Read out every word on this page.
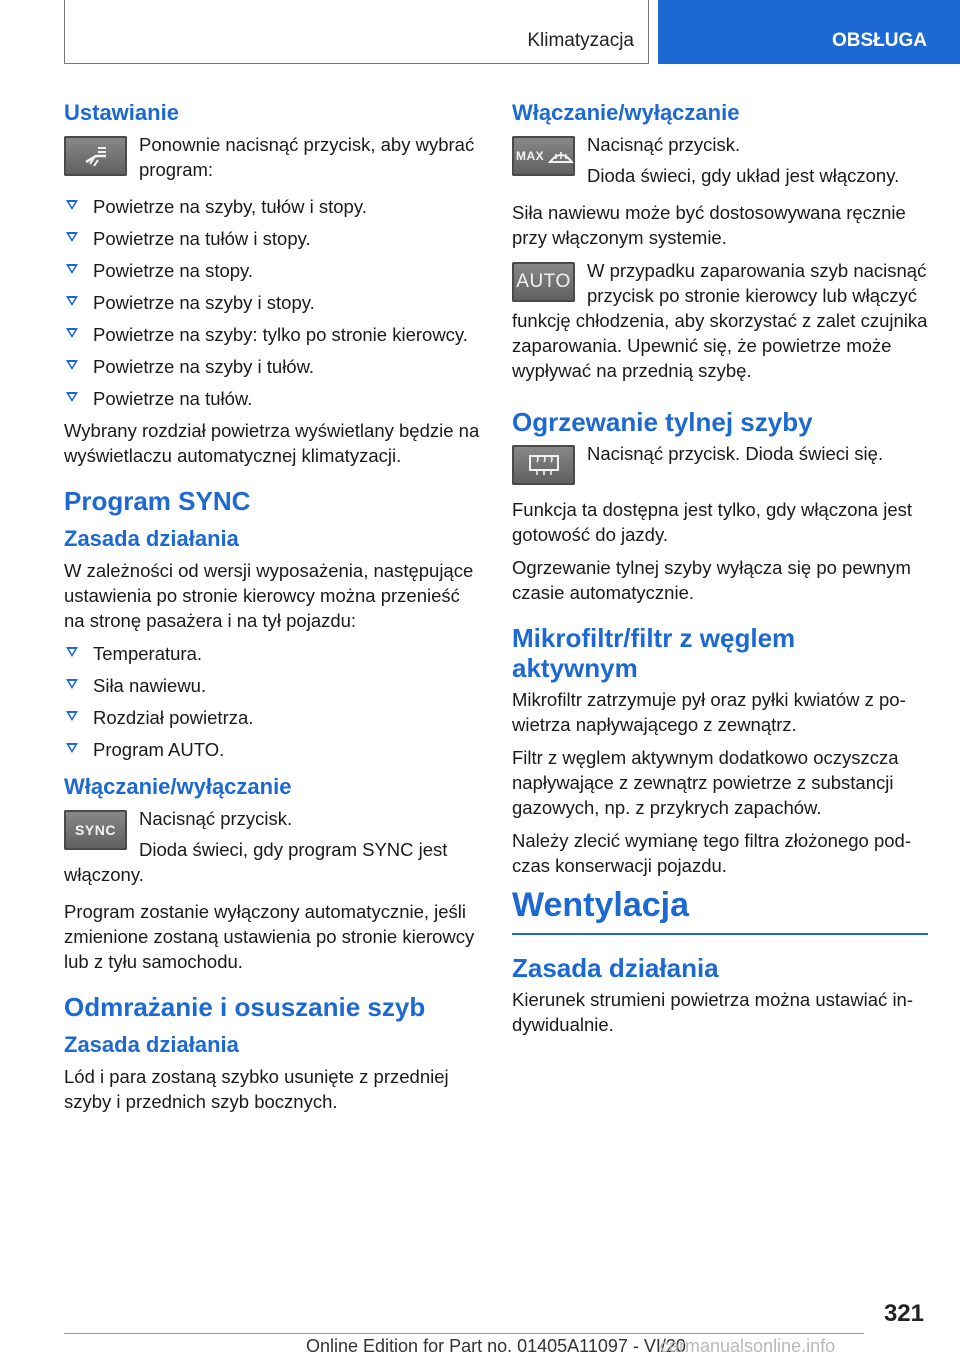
Klimatyzacja	OBSŁUGA
Ustawianie

Ponownie nacisnąć przycisk, aby wybrać program:

Powietrze na szyby, tułów i stopy.
Powietrze na tułów i stopy.
Powietrze na stopy.
Powietrze na szyby i stopy.
Powietrze na szyby: tylko po stronie kierowcy.
Powietrze na szyby i tułów.
Powietrze na tułów.

Wybrany rozdział powietrza wyświetlany będzie na wyświetlaczu automatycznej klimatyzacji.

Program SYNC
Zasada działania

W zależności od wersji wyposażenia, następujące ustawienia po stronie kierowcy można przenieść na stronę pasażera i na tył pojazdu:

Temperatura.
Siła nawiewu.
Rozdział powietrza.
Program AUTO.
Włączanie/wyłączanie
SYNC

Nacisnąć przycisk.

Dioda świeci, gdy program SYNC jest włączony.

Program zostanie wyłączony automatycznie, jeśli zmienione zostaną ustawienia po stronie kierowcy lub z tyłu samochodu.

Odmrażanie i osuszanie szyb
Zasada działania

Lód i para zostaną szybko usunięte z przedniej szyby i przednich szyb bocznych.

Włączanie/wyłączanie
MAX

Nacisnąć przycisk.

Dioda świeci, gdy układ jest włączony.

Siła nawiewu może być dostosowywana ręcznie przy włączonym systemie.

AUTO

W przypadku zaparowania szyb nacisnąć przycisk po stronie kierowcy lub włączyć funkcję chłodzenia, aby skorzystać z zalet czujnika zaparowania. Upewnić się, że powietrze może wypływać na przednią szybę.

Ogrzewanie tylnej szyby

Nacisnąć przycisk. Dioda świeci się.

Funkcja ta dostępna jest tylko, gdy włączona jest gotowość do jazdy.

Ogrzewanie tylnej szyby wyłącza się po pewnym czasie automatycznie.

Mikrofiltr/filtr z węglem aktywnym

Mikrofiltr zatrzymuje pył oraz pyłki kwiatów z powietrza napływającego z zewnątrz.

Filtr z węglem aktywnym dodatkowo oczyszcza napływające z zewnątrz powietrze z substancji gazowych, np. z przykrych zapachów.

Należy zlecić wymianę tego filtra złożonego podczas konserwacji pojazdu.

Wentylacja
Zasada działania

Kierunek strumieni powietrza można ustawiać indywidualnie.

321
Online Edition for Part no. 01405A11097 - VI/20
carmanualsonline.info
